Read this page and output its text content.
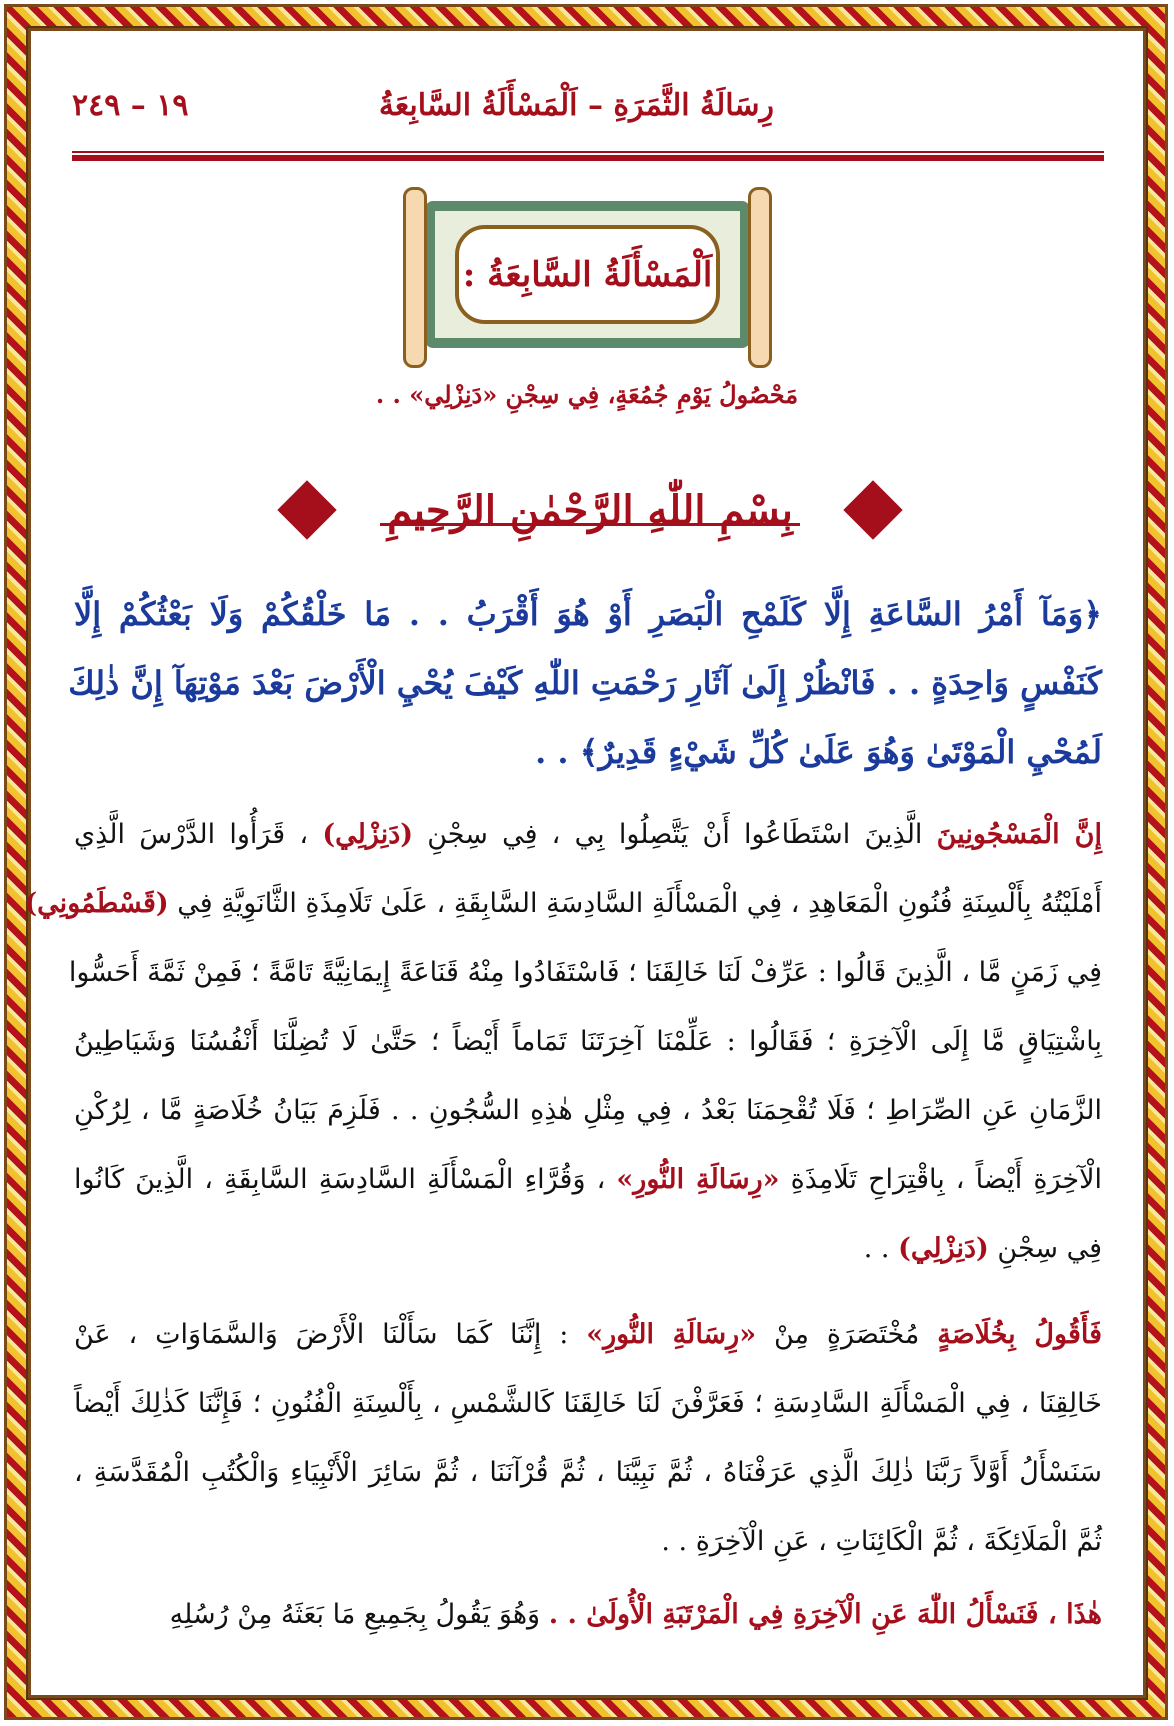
رِسَالَةُ الثَّمَرَةِ – اَلْمَسْأَلَةُ السَّابِعَةُ
١٩ – ٢٤٩
اَلْمَسْأَلَةُ السَّابِعَةُ :
مَحْصُولُ يَوْمِ جُمُعَةٍ، فِي سِجْنِ «دَنِزْلِي» . .
بِسْمِ اللّٰهِ الرَّحْمٰنِ الرَّحِيمِ
﴿وَمَآ أَمْرُ السَّاعَةِ إِلَّا كَلَمْحِ الْبَصَرِ أَوْ هُوَ أَقْرَبُ . . مَا خَلْقُكُمْ وَلَا بَعْثُكُمْ إِلَّا
كَنَفْسٍ وَاحِدَةٍ . . فَانْظُرْ إِلَىٰ آثَارِ رَحْمَتِ اللّٰهِ كَيْفَ يُحْيِ الْأَرْضَ بَعْدَ مَوْتِهَآ إِنَّ ذٰلِكَ
لَمُحْيِ الْمَوْتَىٰ وَهُوَ عَلَىٰ كُلِّ شَيْءٍ قَدِيرٌ﴾ . .
إِنَّ الْمَسْجُونِينَ الَّذِينَ اسْتَطَاعُوا أَنْ يَتَّصِلُوا بِي ، فِي سِجْنِ (دَنِزْلِي) ، قَرَأُوا الدَّرْسَ الَّذِي
أَمْلَيْتُهُ بِأَلْسِنَةِ فُنُونِ الْمَعَاهِدِ ، فِي الْمَسْأَلَةِ السَّادِسَةِ السَّابِقَةِ ، عَلَىٰ تَلَامِذَةِ الثَّانَوِيَّةِ فِي (قَسْطَمُونِي)
فِي زَمَنٍ مَّا ، الَّذِينَ قَالُوا : عَرِّفْ لَنَا خَالِقَنَا ؛ فَاسْتَفَادُوا مِنْهُ قَنَاعَةً إِيمَانِيَّةً تَامَّةً ؛ فَمِنْ ثَمَّةَ أَحَسُّوا
بِاشْتِيَاقٍ مَّا إِلَى الْآخِرَةِ ؛ فَقَالُوا : عَلِّمْنَا آخِرَتَنَا تَمَاماً أَيْضاً ؛ حَتَّىٰ لَا تُضِلَّنَا أَنْفُسُنَا وَشَيَاطِينُ
الزَّمَانِ عَنِ الصِّرَاطِ ؛ فَلَا تُقْحِمَنَا بَعْدُ ، فِي مِثْلِ هٰذِهِ السُّجُونِ . . فَلَزِمَ بَيَانُ خُلَاصَةٍ مَّا ، لِرُكْنِ
الْآخِرَةِ أَيْضاً ، بِاقْتِرَاحِ تَلَامِذَةِ «رِسَالَةِ النُّورِ» ، وَقُرَّاءِ الْمَسْأَلَةِ السَّادِسَةِ السَّابِقَةِ ، الَّذِينَ كَانُوا
فِي سِجْنِ (دَنِزْلِي) . .
فَأَقُولُ بِخُلَاصَةٍ مُخْتَصَرَةٍ مِنْ «رِسَالَةِ النُّورِ» : إِنَّنَا كَمَا سَأَلْنَا الْأَرْضَ وَالسَّمَاوَاتِ ، عَنْ
خَالِقِنَا ، فِي الْمَسْأَلَةِ السَّادِسَةِ ؛ فَعَرَّفْنَ لَنَا خَالِقَنَا كَالشَّمْسِ ، بِأَلْسِنَةِ الْفُنُونِ ؛ فَإِنَّنَا كَذٰلِكَ أَيْضاً
سَنَسْأَلُ أَوَّلاً رَبَّنَا ذٰلِكَ الَّذِي عَرَفْنَاهُ ، ثُمَّ نَبِيَّنَا ، ثُمَّ قُرْآنَنَا ، ثُمَّ سَائِرَ الْأَنْبِيَاءِ وَالْكُتُبِ الْمُقَدَّسَةِ ،
ثُمَّ الْمَلَائِكَةَ ، ثُمَّ الْكَائِنَاتِ ، عَنِ الْآخِرَةِ . .
هٰذَا ، فَنَسْأَلُ اللّٰهَ عَنِ الْآخِرَةِ فِي الْمَرْتَبَةِ الْأُولَىٰ . . وَهُوَ يَقُولُ بِجَمِيعِ مَا بَعَثَهُ مِنْ رُسُلِهِ
